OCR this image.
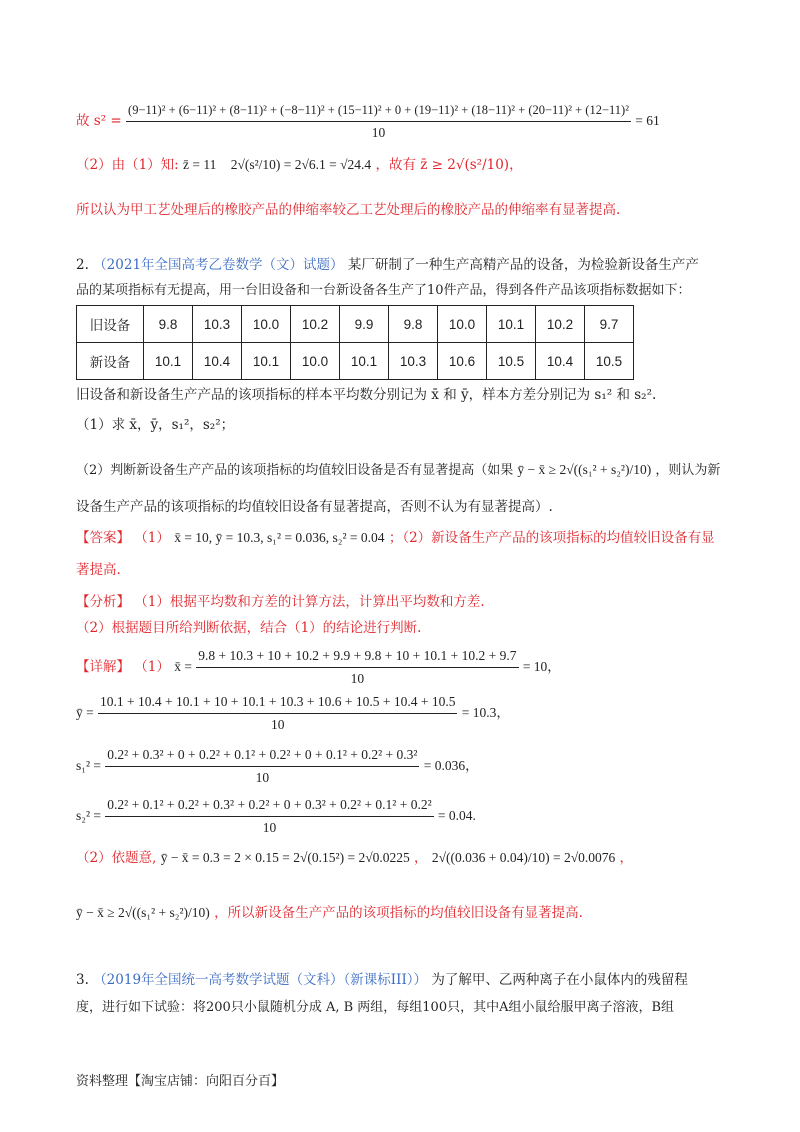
故 s² =
(9−11)² + (6−11)² + (8−11)² + (−8−11)² + (15−11)² + 0 + (19−11)² + (18−11)² + (20−11)² + (12−11)²
10
= 61
（2）由（1）知: z̄ = 11 2√(s²/10) = 2√6.1 = √24.4 ，故有 z̄ ≥ 2√(s²/10)，
所以认为甲工艺处理后的橡胶产品的伸缩率较乙工艺处理后的橡胶产品的伸缩率有显著提高.
2. （2021年全国高考乙卷数学（文）试题） 某厂研制了一种生产高精产品的设备，为检验新设备生产产
品的某项指标有无提高，用一台旧设备和一台新设备各生产了10件产品，得到各件产品该项指标数据如下：
旧设备	9.8	10.3	10.0	10.2	9.9	9.8	10.0	10.1	10.2	9.7
新设备	10.1	10.4	10.1	10.0	10.1	10.3	10.6	10.5	10.4	10.5
旧设备和新设备生产产品的该项指标的样本平均数分别记为 x̄ 和 ȳ，样本方差分别记为 s₁² 和 s₂².
（1）求 x̄，ȳ，s₁²，s₂²；
（2）判断新设备生产产品的该项指标的均值较旧设备是否有显著提高（如果 ȳ − x̄ ≥ 2√((s₁² + s₂²)/10) ，则认为新
设备生产产品的该项指标的均值较旧设备有显著提高，否则不认为有显著提高）.
【答案】 （1） x̄ = 10, ȳ = 10.3, s₁² = 0.036, s₂² = 0.04 ；（2）新设备生产产品的该项指标的均值较旧设备有显
著提高.
【分析】 （1）根据平均数和方差的计算方法，计算出平均数和方差.
（2）根据题目所给判断依据，结合（1）的结论进行判断.
【详解】 （1） x̄ = $\frac{9.8 + 10.3 + 10 + 10.2 + 9.9 + 9.8 + 10 + 10.1 + 10.2 + 9.7}{10} = 10$，
ȳ =
10.1 + 10.4 + 10.1 + 10 + 10.1 + 10.3 + 10.6 + 10.5 + 10.4 + 10.5
10
= 10.3，
s₁² =
0.2² + 0.3² + 0 + 0.2² + 0.1² + 0.2² + 0 + 0.1² + 0.2² + 0.3²
10
= 0.036，
s₂² =
0.2² + 0.1² + 0.2² + 0.3² + 0.2² + 0 + 0.3² + 0.2² + 0.1² + 0.2²
10
= 0.04.
（2）依题意, ȳ − x̄ = 0.3 = 2 × 0.15 = 2√(0.15²) = 2√0.0225 ， 2√((0.036 + 0.04)/10) = 2√0.0076 ，
ȳ − x̄ ≥ 2√((s₁² + s₂²)/10) ，所以新设备生产产品的该项指标的均值较旧设备有显著提高.
3. （2019年全国统一高考数学试题（文科）（新课标III）） 为了解甲、乙两种离子在小鼠体内的残留程
度，进行如下试验：将200只小鼠随机分成 A, B 两组，每组100只，其中A组小鼠给服甲离子溶液，B组
资料整理【淘宝店铺：向阳百分百】
